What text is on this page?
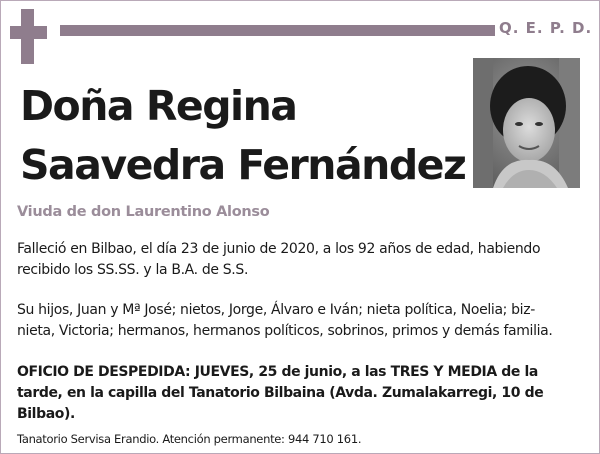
Q. E. P. D.
Doña Regina
Saavedra Fernández
Viuda de don Laurentino Alonso
Falleció en Bilbao, el día 23 de junio de 2020, a los 92 años de edad, habiendo
recibido los SS.SS. y la B.A. de S.S.
Su hijos, Juan y Mª José; nietos, Jorge, Álvaro e Iván; nieta política, Noelia; biz-
nieta, Victoria; hermanos, hermanos políticos, sobrinos, primos y demás familia.
OFICIO DE DESPEDIDA: JUEVES, 25 de junio, a las TRES Y MEDIA de la
tarde, en la capilla del Tanatorio Bilbaina (Avda. Zumalakarregi, 10 de
Bilbao).
Tanatorio Servisa Erandio. Atención permanente: 944 710 161.
